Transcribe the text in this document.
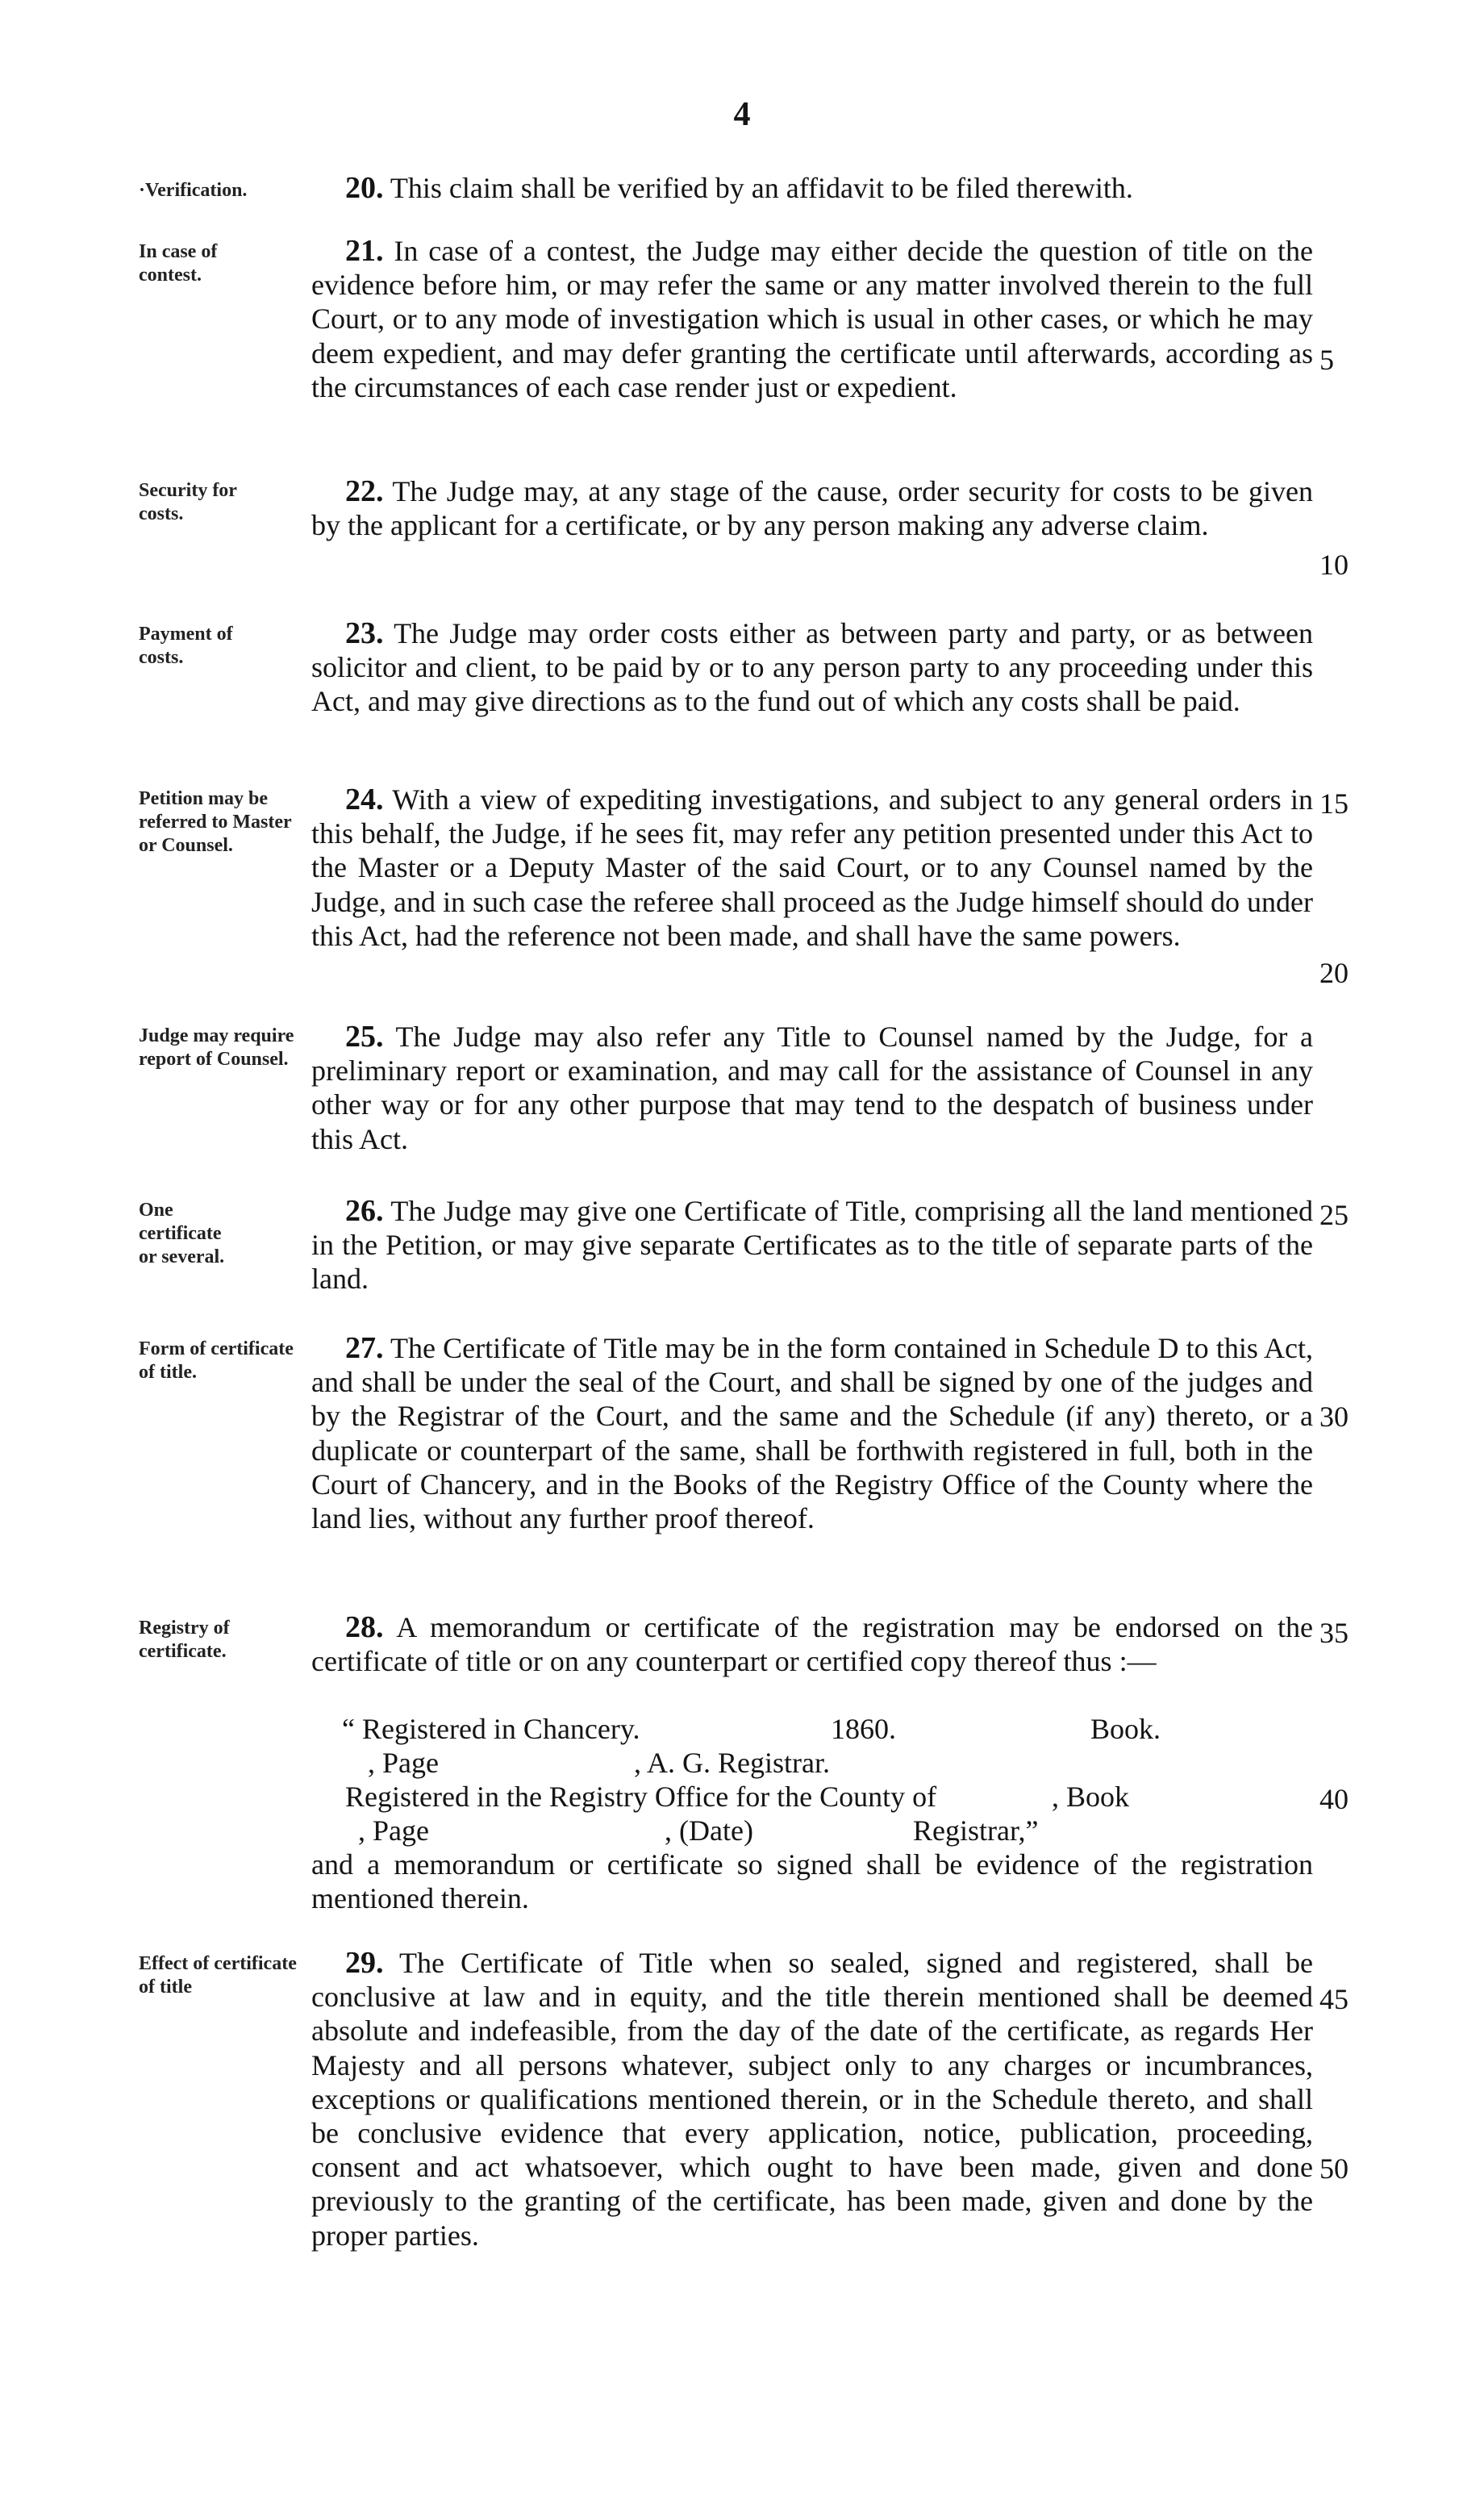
4
·Verification.	20. This claim shall be verified by an affidavit to be filed therewith.

In case of contest.

21. In case of a contest, the Judge may either decide the question of title on the evidence before him, or may refer the same or any matter involved therein to the full Court, or to any mode of investigation which is usual in other cases, or which he may deem expedient, and may defer granting the certificate until afterwards, according as the circumstances of each case render just or expedient.

Security for costs.

22. The Judge may, at any stage of the cause, order security for costs to be given by the applicant for a certificate, or by any person making any adverse claim.

Payment of costs.

23. The Judge may order costs either as between party and party, or as between solicitor and client, to be paid by or to any person party to any proceeding under this Act, and may give directions as to the fund out of which any costs shall be paid.

Petition may be referred to Master or Counsel.

24. With a view of expediting investigations, and subject to any general orders in this behalf, the Judge, if he sees fit, may refer any petition presented under this Act to the Master or a Deputy Master of the said Court, or to any Counsel named by the Judge, and in such case the referee shall proceed as the Judge himself should do under this Act, had the reference not been made, and shall have the same powers.

Judge may require report of Counsel.

25. The Judge may also refer any Title to Counsel named by the Judge, for a preliminary report or examination, and may call for the assistance of Counsel in any other way or for any other purpose that may tend to the despatch of business under this Act.

One certificate or several.

26. The Judge may give one Certificate of Title, comprising all the land mentioned in the Petition, or may give separate Certificates as to the title of separate parts of the land.

Form of certificate of title.

27. The Certificate of Title may be in the form contained in Schedule D to this Act, and shall be under the seal of the Court, and shall be signed by one of the judges and by the Registrar of the Court, and the same and the Schedule (if any) thereto, or a duplicate or counterpart of the same, shall be forthwith registered in full, both in the Court of Chancery, and in the Books of the Registry Office of the County where the land lies, without any further proof thereof.

Registry of certificate.

28. A memorandum or certificate of the registration may be endorsed on the certificate of title or on any counterpart or certified copy thereof thus :—

“ Registered in Chancery.	1860.	Book.
, Page	, A. G. Registrar.
Registered in the Registry Office for the County of	, Book
, Page	, (Date)	Registrar,”

and a memorandum or certificate so signed shall be evidence of the registration mentioned therein.

Effect of certificate of title

29. The Certificate of Title when so sealed, signed and registered, shall be conclusive at law and in equity, and the title therein mentioned shall be deemed absolute and indefeasible, from the day of the date of the certificate, as regards Her Majesty and all persons whatever, subject only to any charges or incumbrances, exceptions or qualifications mentioned therein, or in the Schedule thereto, and shall be conclusive evidence that every application, notice, publication, proceeding, consent and act whatsoever, which ought to have been made, given and done previously to the granting of the certificate, has been made, given and done by the proper parties.

5
10
15
20
25
30
35
40
45
50
